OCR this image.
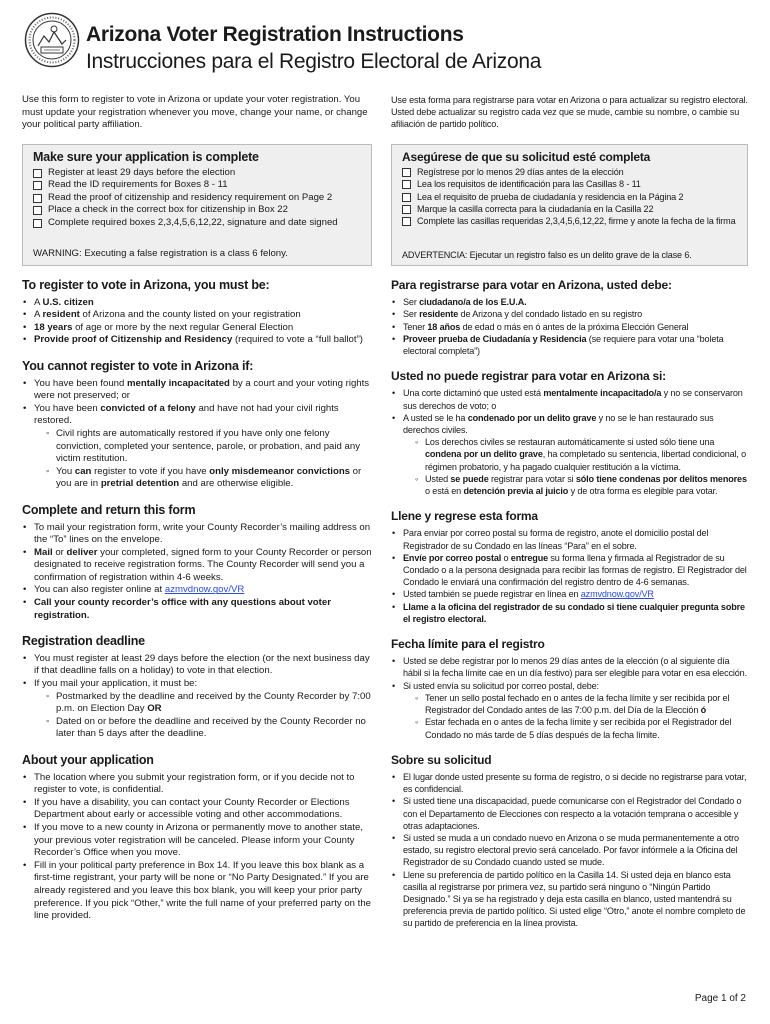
Arizona Voter Registration Instructions
Instrucciones para el Registro Electoral de Arizona
Use this form to register to vote in Arizona or update your voter registration. You must update your registration whenever you move, change your name, or change your political party affiliation.
Make sure your application is complete
Register at least 29 days before the election
Read the ID requirements for Boxes 8 - 11
Read the proof of citizenship and residency requirement on Page 2
Place a check in the correct box for citizenship in Box 22
Complete required boxes 2,3,4,5,6,12,22, signature and date signed
WARNING: Executing a false registration is a class 6 felony.
To register to vote in Arizona, you must be:
• A U.S. citizen
• A resident of Arizona and the county listed on your registration
• 18 years of age or more by the next regular General Election
• Provide proof of Citizenship and Residency (required to vote a “full ballot”)
You cannot register to vote in Arizona if:
• You have been found mentally incapacitated by a court and your voting rights were not preserved; or
• You have been convicted of a felony and have not had your civil rights restored.
◦ Civil rights are automatically restored if you have only one felony conviction, completed your sentence, parole, or probation, and paid any victim restitution.
◦ You can register to vote if you have only misdemeanor convictions or you are in pretrial detention and are otherwise eligible.
Complete and return this form
• To mail your registration form, write your County Recorder’s mailing address on the “To” lines on the envelope.
• Mail or deliver your completed, signed form to your County Recorder or person designated to receive registration forms. The County Recorder will send you a confirmation of registration within 4-6 weeks.
• You can also register online at azmvdnow.gov/VR
• Call your county recorder’s office with any questions about voter registration.
Registration deadline
• You must register at least 29 days before the election (or the next business day if that deadline falls on a holiday) to vote in that election.
• If you mail your application, it must be:
◦ Postmarked by the deadline and received by the County Recorder by 7:00 p.m. on Election Day OR
◦ Dated on or before the deadline and received by the County Recorder no later than 5 days after the deadline.
About your application
• The location where you submit your registration form, or if you decide not to register to vote, is confidential.
• If you have a disability, you can contact your County Recorder or Elections Department about early or accessible voting and other accommodations.
• If you move to a new county in Arizona or permanently move to another state, your previous voter registration will be canceled. Please inform your County Recorder’s Office when you move.
• Fill in your political party preference in Box 14. If you leave this box blank as a first-time registrant, your party will be none or “No Party Designated.” If you are already registered and you leave this box blank, you will keep your prior party preference. If you pick “Other,” write the full name of your preferred party on the line provided.
Use esta forma para registrarse para votar en Arizona o para actualizar su registro electoral. Usted debe actualizar su registro cada vez que se mude, cambie su nombre, o cambie su afiliación de partido político.
Asegúrese de que su solicitud esté completa
Regístrese por lo menos 29 días antes de la elección
Lea los requisitos de identificación para las Casillas 8 - 11
Lea el requisito de prueba de ciudadanía y residencia en la Página 2
Marque la casilla correcta para la ciudadanía en la Casilla 22
Complete las casillas requeridas 2,3,4,5,6,12,22, firme y anote la fecha de la firma
ADVERTENCIA: Ejecutar un registro falso es un delito grave de la clase 6.
Para registrarse para votar en Arizona, usted debe:
• Ser ciudadano/a de los E.U.A.
• Ser residente de Arizona y del condado listado en su registro
• Tener 18 años de edad o más en ó antes de la próxima Elección General
• Proveer prueba de Ciudadanía y Residencia (se requiere para votar una “boleta electoral completa”)
Usted no puede registrar para votar en Arizona si:
• Una corte dictaminó que usted está mentalmente incapacitado/a y no se conservaron sus derechos de voto; o
• A usted se le ha condenado por un delito grave y no se le han restaurado sus derechos civiles.
◦ Los derechos civiles se restauran automáticamente si usted sólo tiene una condena por un delito grave, ha completado su sentencia, libertad condicional, o régimen probatorio, y ha pagado cualquier restitución a la víctima.
◦ Usted se puede registrar para votar si sólo tiene condenas por delitos menores o está en detención previa al juicio y de otra forma es elegible para votar.
Llene y regrese esta forma
• Para enviar por correo postal su forma de registro, anote el domicilio postal del Registrador de su Condado en las líneas “Para” en el sobre.
• Envíe por correo postal o entregue su forma llena y firmada al Registrador de su Condado o a la persona designada para recibir las formas de registro. El Registrador del Condado le enviará una confirmación del registro dentro de 4-6 semanas.
• Usted también se puede registrar en línea en azmvdnow.gov/VR
• Llame a la oficina del registrador de su condado si tiene cualquier pregunta sobre el registro electoral.
Fecha límite para el registro
• Usted se debe registrar por lo menos 29 días antes de la elección (o al siguiente día hábil si la fecha límite cae en un día festivo) para ser elegible para votar en esa elección.
• Si usted envía su solicitud por correo postal, debe:
◦ Tener un sello postal fechado en o antes de la fecha límite y ser recibida por el Registrador del Condado antes de las 7:00 p.m. del Día de la Elección ó
◦ Estar fechada en o antes de la fecha límite y ser recibida por el Registrador del Condado no más tarde de 5 días después de la fecha límite.
Sobre su solicitud
• El lugar donde usted presente su forma de registro, o si decide no registrarse para votar, es confidencial.
• Si usted tiene una discapacidad, puede comunicarse con el Registrador del Condado o con el Departamento de Elecciones con respecto a la votación temprana o accesible y otras adaptaciones.
• Si usted se muda a un condado nuevo en Arizona o se muda permanentemente a otro estado, su registro electoral previo será cancelado. Por favor infórmele a la Oficina del Registrador de su Condado cuando usted se mude.
• Llene su preferencia de partido político en la Casilla 14. Si usted deja en blanco esta casilla al registrarse por primera vez, su partido será ninguno o “Ningún Partido Designado.” Si ya se ha registrado y deja esta casilla en blanco, usted mantendrá su preferencia previa de partido político. Si usted elige “Otro,” anote el nombre completo de su partido de preferencia en la línea provista.
Page 1 of 2
